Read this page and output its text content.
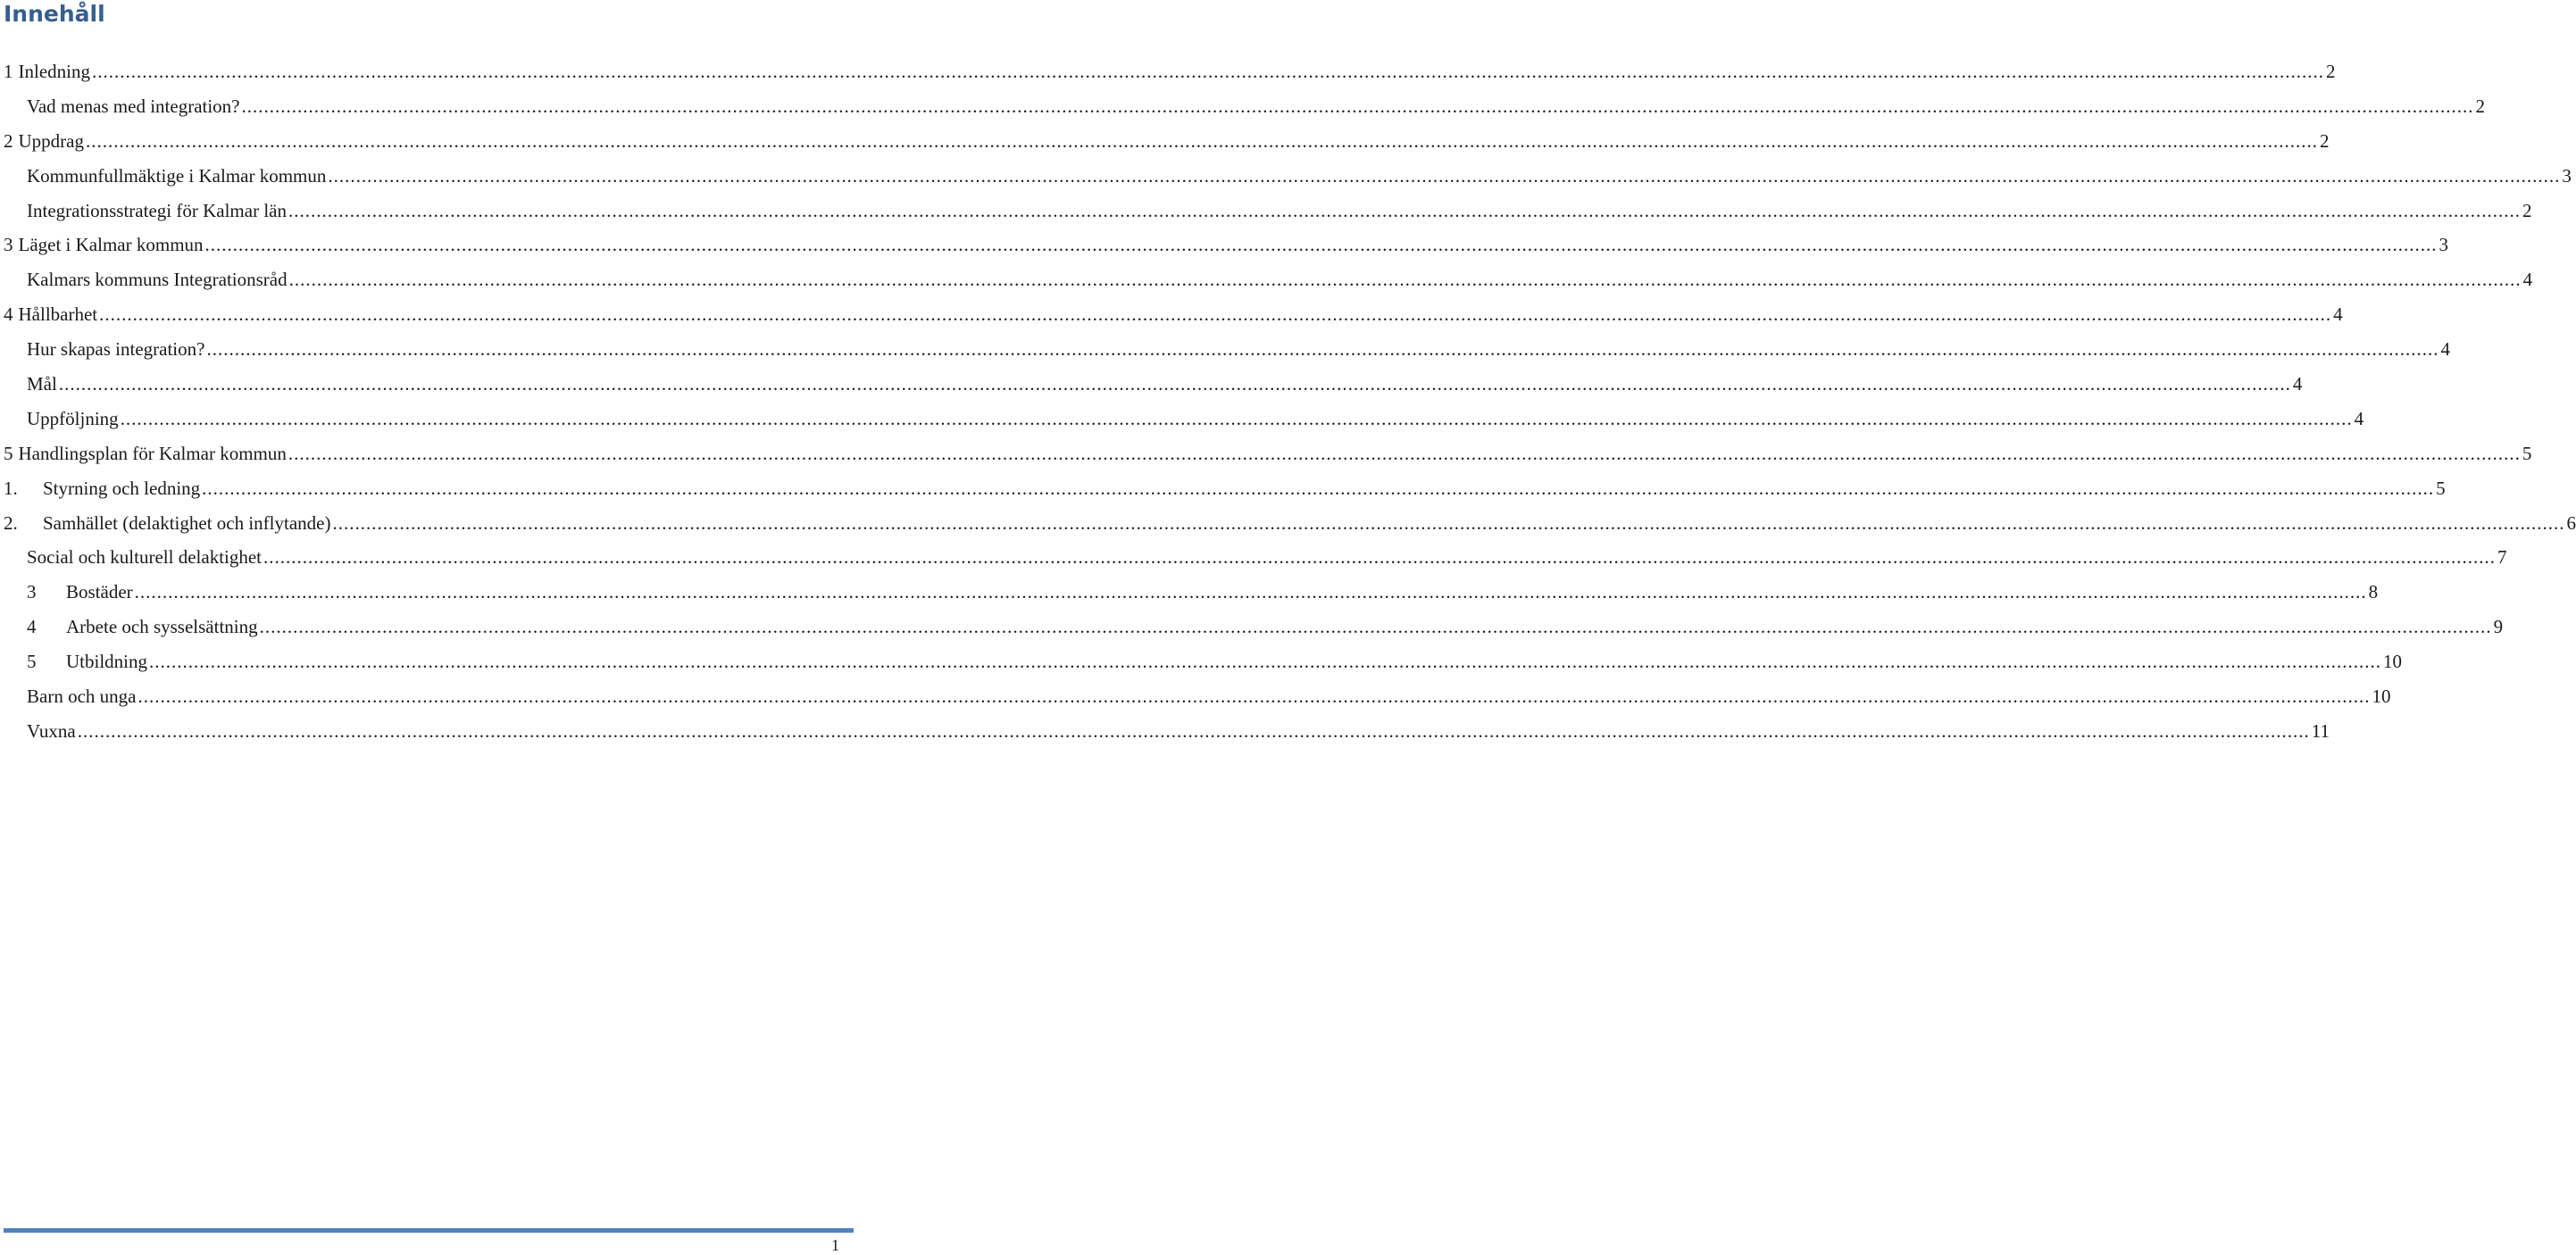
Innehåll
1 Inledning ................................................................................................................................................................................................................................................................................................................................................................................................................ 2
Vad menas med integration? ................................................................................................................................................................................................................................................................................................................................................................................................................ 2
2 Uppdrag ................................................................................................................................................................................................................................................................................................................................................................................................................ 2
Kommunfullmäktige i Kalmar kommun ................................................................................................................................................................................................................................................................................................................................................................................................................ 3
Integrationsstrategi för Kalmar län ................................................................................................................................................................................................................................................................................................................................................................................................................ 2
3 Läget i Kalmar kommun ................................................................................................................................................................................................................................................................................................................................................................................................................ 3
Kalmars kommuns Integrationsråd ................................................................................................................................................................................................................................................................................................................................................................................................................ 4
4 Hållbarhet ................................................................................................................................................................................................................................................................................................................................................................................................................ 4
Hur skapas integration? ................................................................................................................................................................................................................................................................................................................................................................................................................ 4
Mål ................................................................................................................................................................................................................................................................................................................................................................................................................ 4
Uppföljning ................................................................................................................................................................................................................................................................................................................................................................................................................ 4
5 Handlingsplan för Kalmar kommun ................................................................................................................................................................................................................................................................................................................................................................................................................ 5
1.	Styrning och ledning ................................................................................................................................................................................................................................................................................................................................................................................................................ 5
2.	Samhället (delaktighet och inflytande) ................................................................................................................................................................................................................................................................................................................................................................................................................ 6
Social och kulturell delaktighet ................................................................................................................................................................................................................................................................................................................................................................................................................ 7
3	Bostäder ................................................................................................................................................................................................................................................................................................................................................................................................................ 8
4	Arbete och sysselsättning ................................................................................................................................................................................................................................................................................................................................................................................................................ 9
5	Utbildning ................................................................................................................................................................................................................................................................................................................................................................................................................ 10
Barn och unga ................................................................................................................................................................................................................................................................................................................................................................................................................ 10
Vuxna ................................................................................................................................................................................................................................................................................................................................................................................................................ 11
1
